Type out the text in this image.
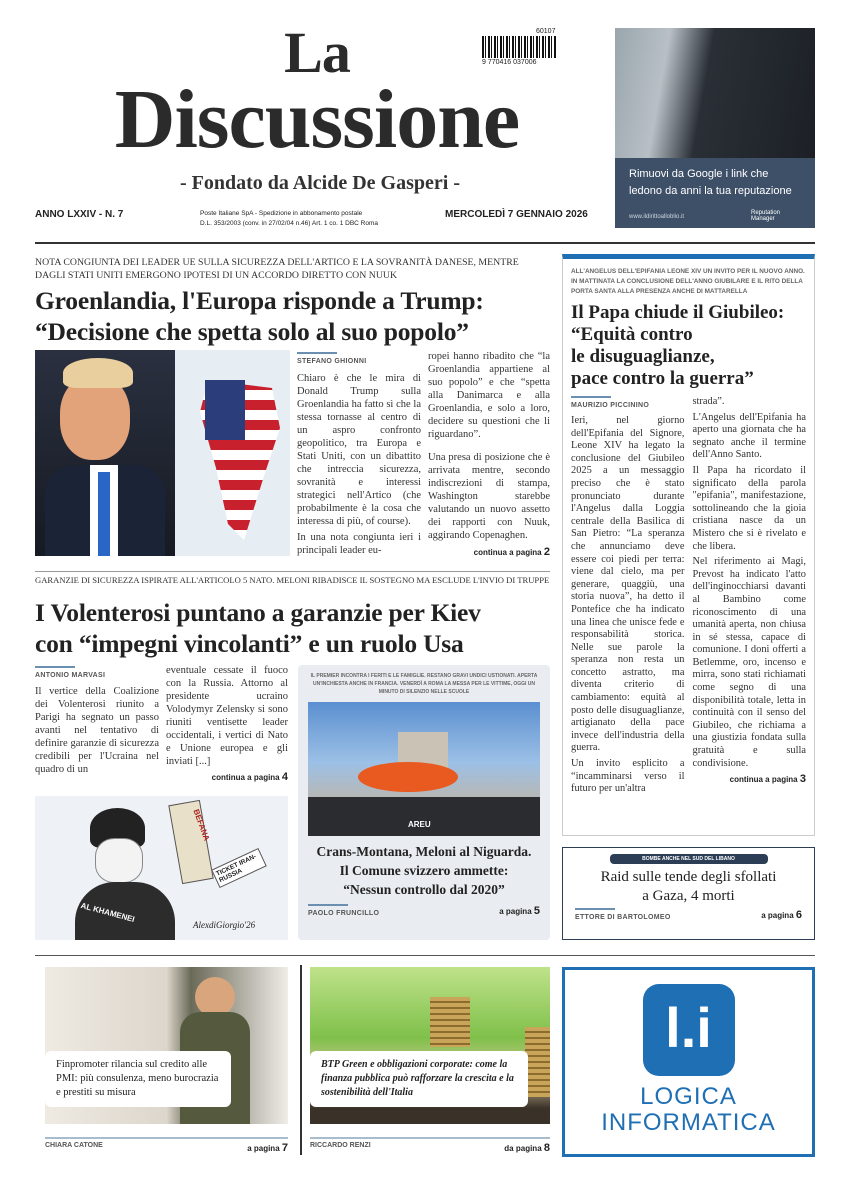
La
Discussione
- Fondato da Alcide De Gasperi -
60107
9 770416 037006
Rimuovi da Google i link che ledono da anni la tua reputazione
www.ildirittoalloblio.it
Reputation Manager
ANNO LXXIV - N. 7	Poste Italiane SpA - Spedizione in abbonamento postale
D.L. 353/2003 (conv. in 27/02/04 n.46) Art. 1 co. 1 DBC Roma
MERCOLEDÌ 7 GENNAIO 2026
NOTA CONGIUNTA DEI LEADER UE SULLA SICUREZZA DELL'ARTICO E LA SOVRANITÀ DANESE, MENTRE DAGLI STATI UNITI EMERGONO IPOTESI DI UN ACCORDO DIRETTO CON NUUK
Groenlandia, l'Europa risponde a Trump:
“Decisione che spetta solo al suo popolo”
STEFANO GHIONNI

Chiaro è che le mira di Donald Trump sulla Groenlandia ha fatto sì che la stessa tornasse al centro di un aspro confronto geopolitico, tra Europa e Stati Uniti, con un dibattito che intreccia sicurezza, sovranità e interessi strategici nell'Artico (che probabilmente è la cosa che interessa di più, of course).

In una nota congiunta ieri i principali leader eu-

ropei hanno ribadito che “la Groenlandia appartiene al suo popolo” e che “spetta alla Danimarca e alla Groenlandia, e solo a loro, decidere su questioni che li riguardano”.

Una presa di posizione che è arrivata mentre, secondo indiscrezioni di stampa, Washington starebbe valutando un nuovo assetto dei rapporti con Nuuk, aggirando Copenaghen.

continua a pagina 2
ALL'ANGELUS DELL'EPIFANIA LEONE XIV UN INVITO PER IL NUOVO ANNO. IN MATTINATA LA CONCLUSIONE DELL'ANNO GIUBILARE E IL RITO DELLA PORTA SANTA ALLA PRESENZA ANCHE DI MATTARELLA
Il Papa chiude il Giubileo:
“Equità contro
le disuguaglianze,
pace contro la guerra”
MAURIZIO PICCININO

Ieri, nel giorno dell'Epifania del Signore, Leone XIV ha legato la conclusione del Giubileo 2025 a un messaggio preciso che è stato pronunciato durante l'Angelus dalla Loggia centrale della Basilica di San Pietro: “La speranza che annunciamo deve essere coi piedi per terra: viene dal cielo, ma per generare, quaggiù, una storia nuova”, ha detto il Pontefice che ha indicato una linea che unisce fede e responsabilità storica. Nelle sue parole la speranza non resta un concetto astratto, ma diventa criterio di cambiamento: equità al posto delle disuguaglianze, artigianato della pace invece dell'industria della guerra.

Un invito esplicito a “incamminarsi verso il futuro per un'altra

strada”.

L'Angelus dell'Epifania ha aperto una giornata che ha segnato anche il termine dell'Anno Santo.

Il Papa ha ricordato il significato della parola "epifania", manifestazione, sottolineando che la gioia cristiana nasce da un Mistero che si è rivelato e che libera.

Nel riferimento ai Magi, Prevost ha indicato l'atto dell'inginocchiarsi davanti al Bambino come riconoscimento di una umanità aperta, non chiusa in sé stessa, capace di comunione. I doni offerti a Betlemme, oro, incenso e mirra, sono stati richiamati come segno di una disponibilità totale, letta in continuità con il senso del Giubileo, che richiama a una giustizia fondata sulla gratuità e sulla condivisione.

continua a pagina 3
GARANZIE DI SICUREZZA ISPIRATE ALL'ARTICOLO 5 NATO. MELONI RIBADISCE IL SOSTEGNO MA ESCLUDE L'INVIO DI TRUPPE
I Volenterosi puntano a garanzie per Kiev
con “impegni vincolanti” e un ruolo Usa
ANTONIO MARVASI
Il vertice della Coalizione dei Volenterosi riunito a Parigi ha segnato un passo avanti nel tentativo di definire garanzie di sicurezza credibili per l'Ucraina nel quadro di un
eventuale cessate il fuoco con la Russia. Attorno al presidente ucraino Volodymyr Zelensky si sono riuniti ventisette leader occidentali, i vertici di Nato e Unione europea e gli inviati [...]
continua a pagina 4
AL KHAMENEI
BEFANA
TICKET IRAN-RUSSIA
AlexdiGiorgio'26
IL PREMIER INCONTRA I FERITI E LE FAMIGLIE. RESTANO GRAVI UNDICI USTIONATI. APERTA UN'INCHIESTA ANCHE IN FRANCIA. VENERDÌ A ROMA LA MESSA PER LE VITTIME, OGGI UN MINUTO DI SILENZIO NELLE SCUOLE
AREU
Crans-Montana, Meloni al Niguarda.
Il Comune svizzero ammette:
“Nessun controllo dal 2020”
PAOLO FRUNCILLO	a pagina 5
BOMBE ANCHE NEL SUD DEL LIBANO
Raid sulle tende degli sfollati
a Gaza, 4 morti
ETTORE DI BARTOLOMEO	a pagina 6
Finpromoter rilancia sul credito alle PMI: più consulenza, meno burocrazia e prestiti su misura
CHIARA CATONE	a pagina 7
BTP Green e obbligazioni corporate: come la finanza pubblica può rafforzare la crescita e la sostenibilità dell'Italia
RICCARDO RENZI	da pagina 8
l.i
LOGICA
INFORMATICA
